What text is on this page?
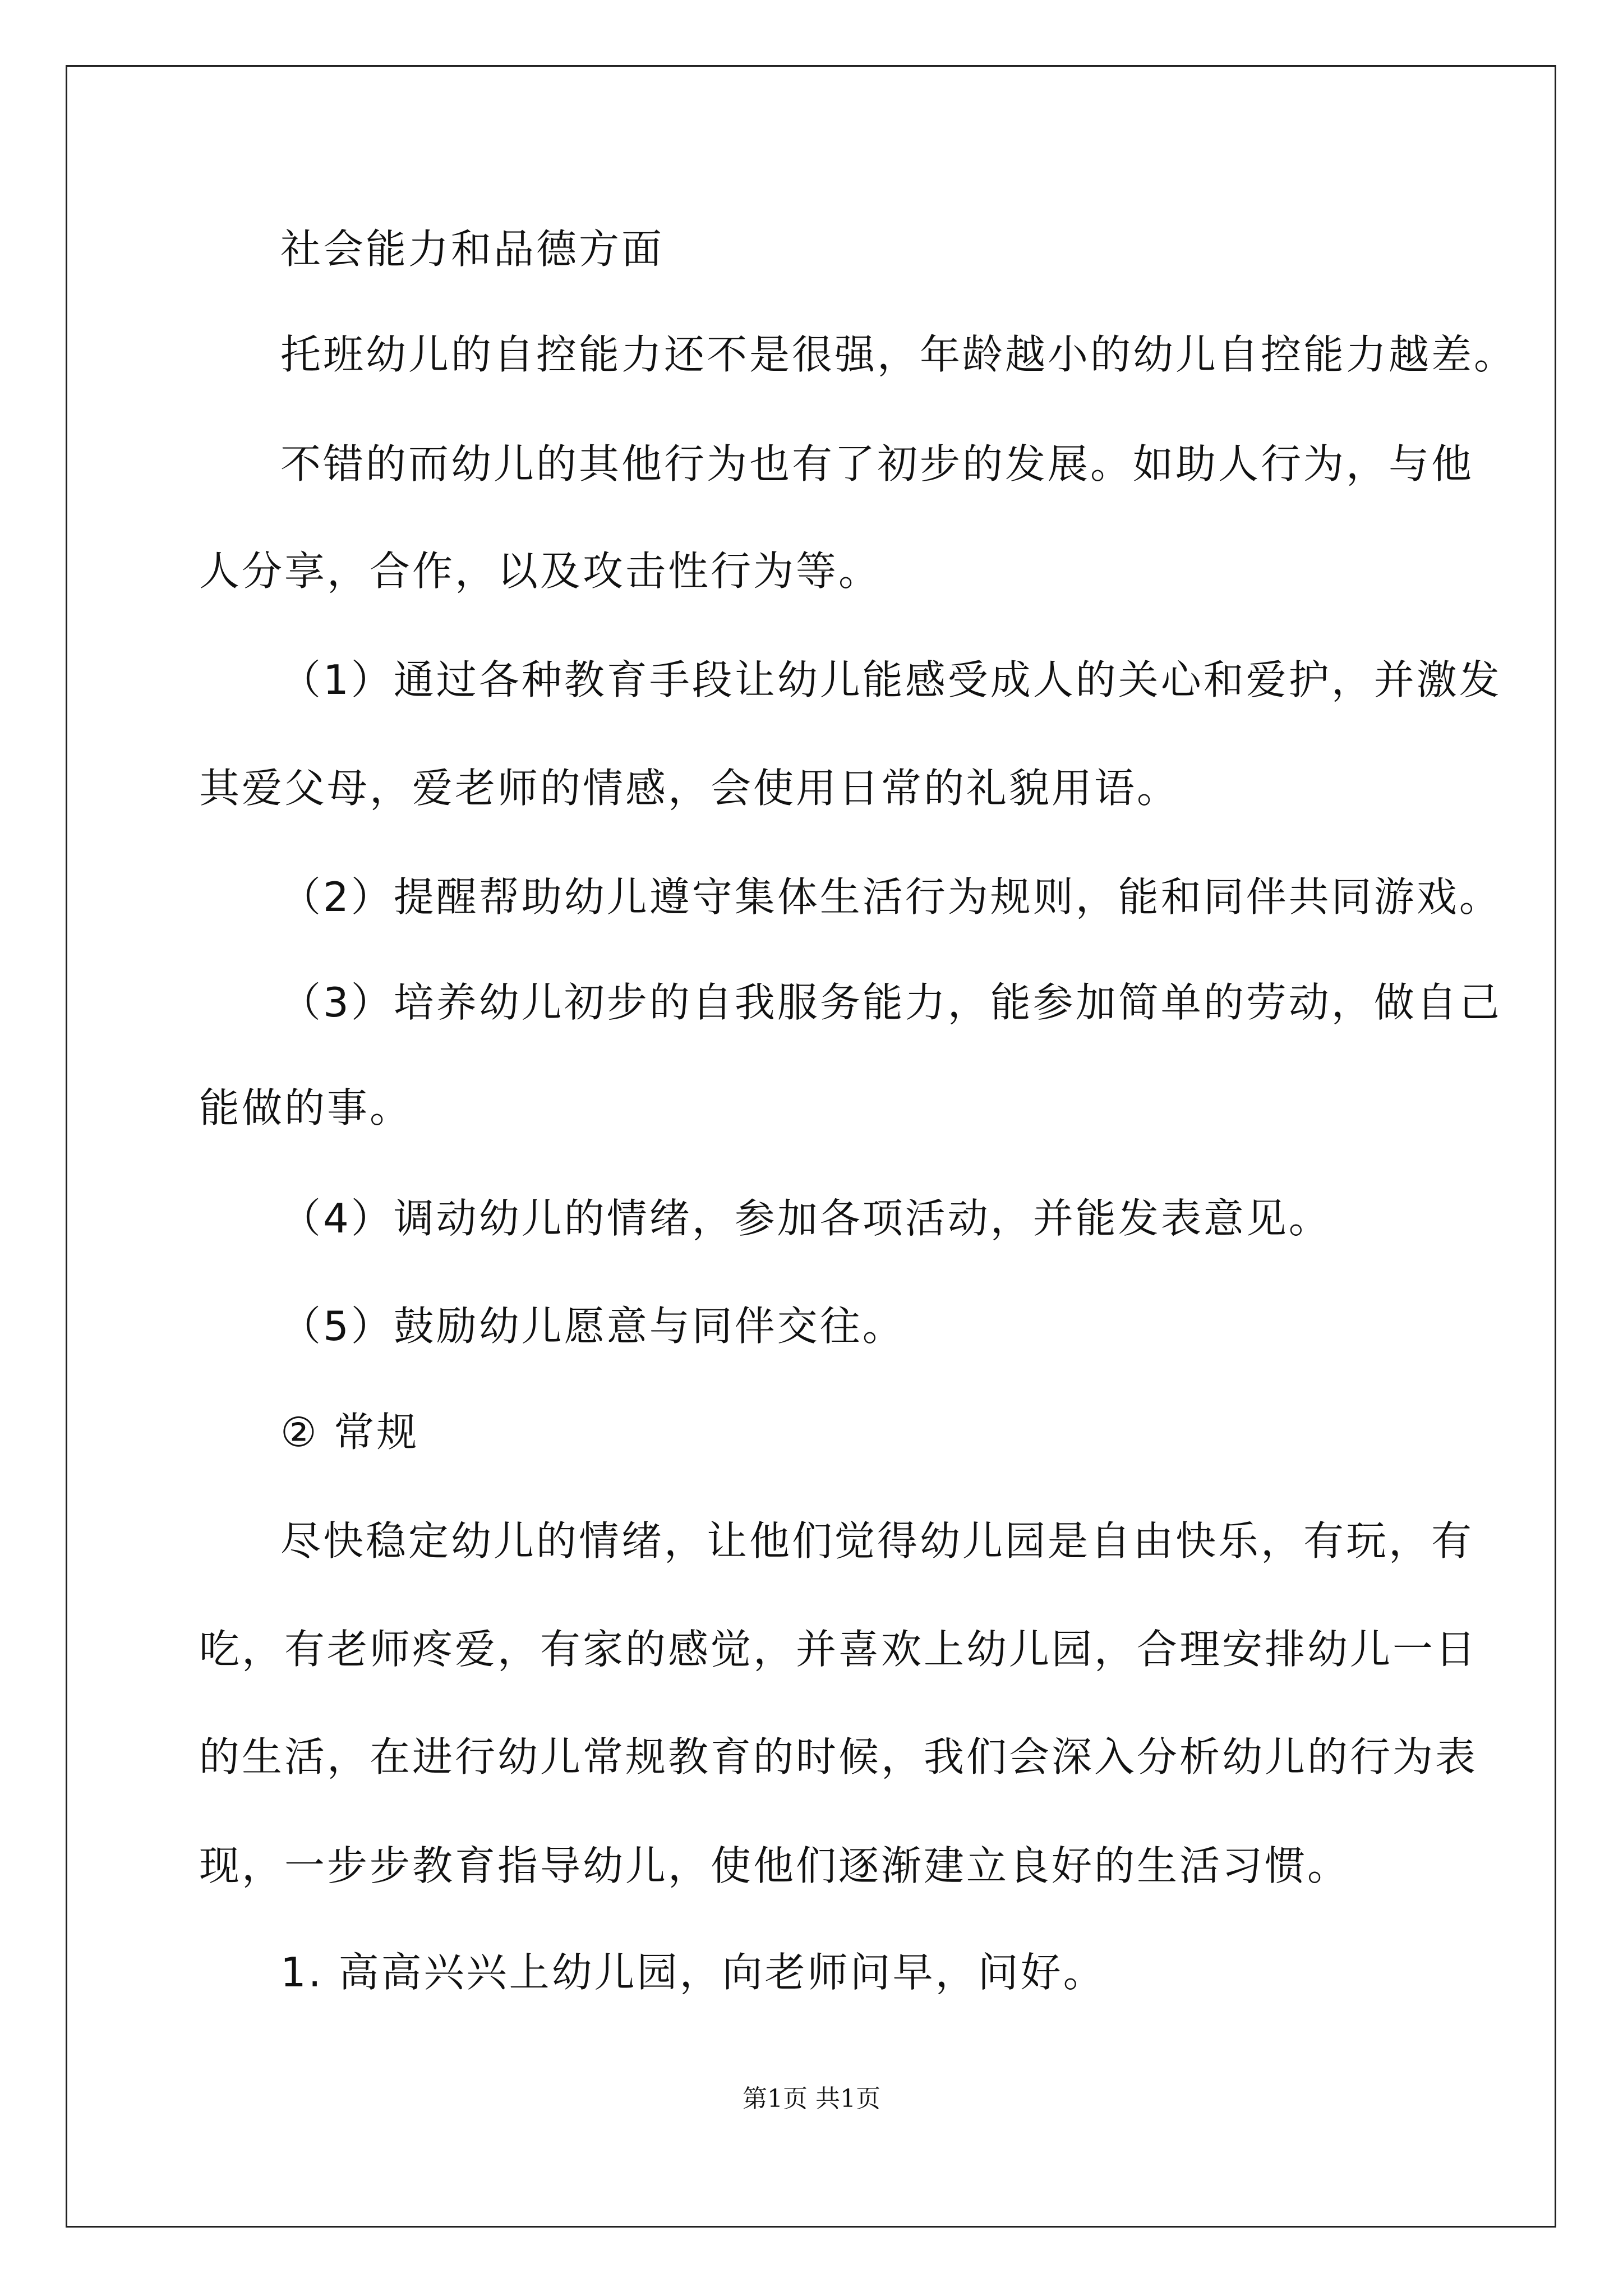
社会能力和品德方面
托班幼儿的自控能力还不是很强，年龄越小的幼儿自控能力越差。
不错的而幼儿的其他行为也有了初步的发展。如助人行为，与他
人分享，合作，以及攻击性行为等。
（1）通过各种教育手段让幼儿能感受成人的关心和爱护，并激发
其爱父母，爱老师的情感，会使用日常的礼貌用语。
（2）提醒帮助幼儿遵守集体生活行为规则，能和同伴共同游戏。
（3）培养幼儿初步的自我服务能力，能参加简单的劳动，做自己
能做的事。
（4）调动幼儿的情绪，参加各项活动，并能发表意见。
（5）鼓励幼儿愿意与同伴交往。
② 常规
尽快稳定幼儿的情绪，让他们觉得幼儿园是自由快乐，有玩，有
吃，有老师疼爱，有家的感觉，并喜欢上幼儿园，合理安排幼儿一日
的生活，在进行幼儿常规教育的时候，我们会深入分析幼儿的行为表
现，一步步教育指导幼儿，使他们逐渐建立良好的生活习惯。
1. 高高兴兴上幼儿园，向老师问早，问好。
第1页 共1页
